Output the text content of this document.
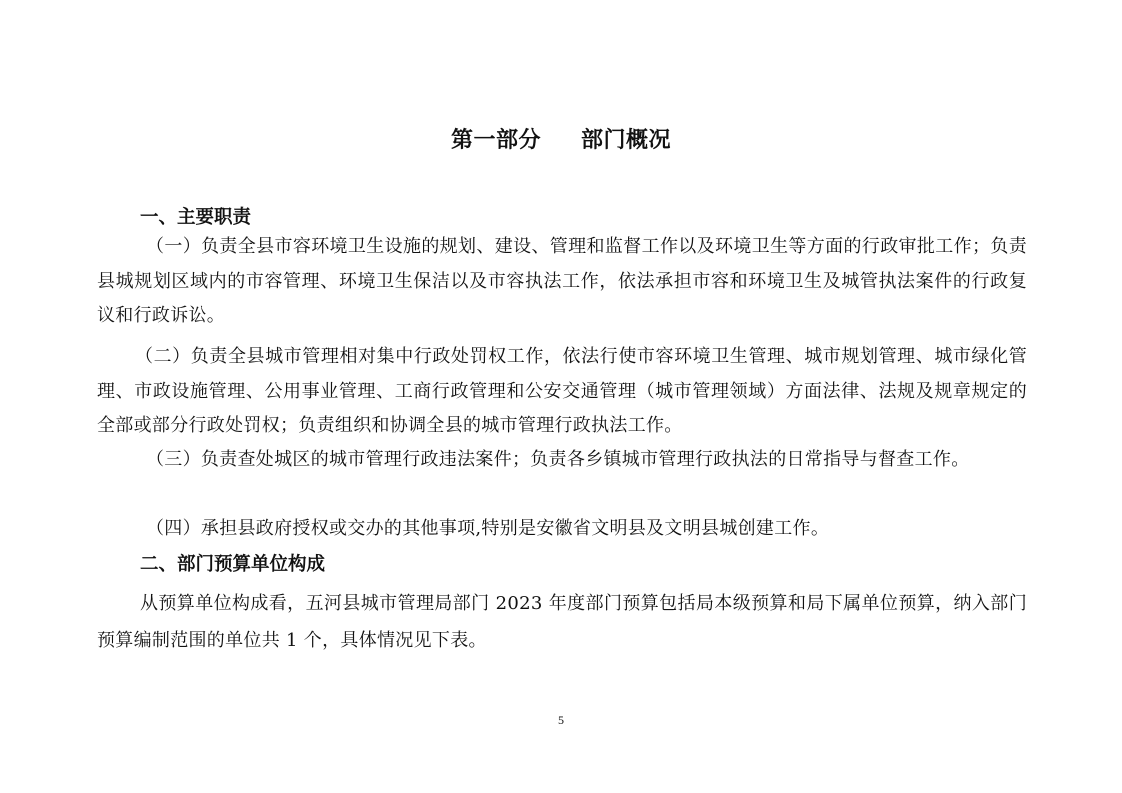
第一部分 部门概况
一、主要职责
（一）负责全县市容环境卫生设施的规划、建设、管理和监督工作以及环境卫生等方面的行政审批工作；负责县城规划区域内的市容管理、环境卫生保洁以及市容执法工作，依法承担市容和环境卫生及城管执法案件的行政复议和行政诉讼。
（二）负责全县城市管理相对集中行政处罚权工作，依法行使市容环境卫生管理、城市规划管理、城市绿化管理、市政设施管理、公用事业管理、工商行政管理和公安交通管理（城市管理领域）方面法律、法规及规章规定的全部或部分行政处罚权；负责组织和协调全县的城市管理行政执法工作。
（三）负责查处城区的城市管理行政违法案件；负责各乡镇城市管理行政执法的日常指导与督查工作。
（四）承担县政府授权或交办的其他事项,特别是安徽省文明县及文明县城创建工作。
二、部门预算单位构成
从预算单位构成看，五河县城市管理局部门 2023 年度部门预算包括局本级预算和局下属单位预算，纳入部门预算编制范围的单位共 1 个，具体情况见下表。
5
